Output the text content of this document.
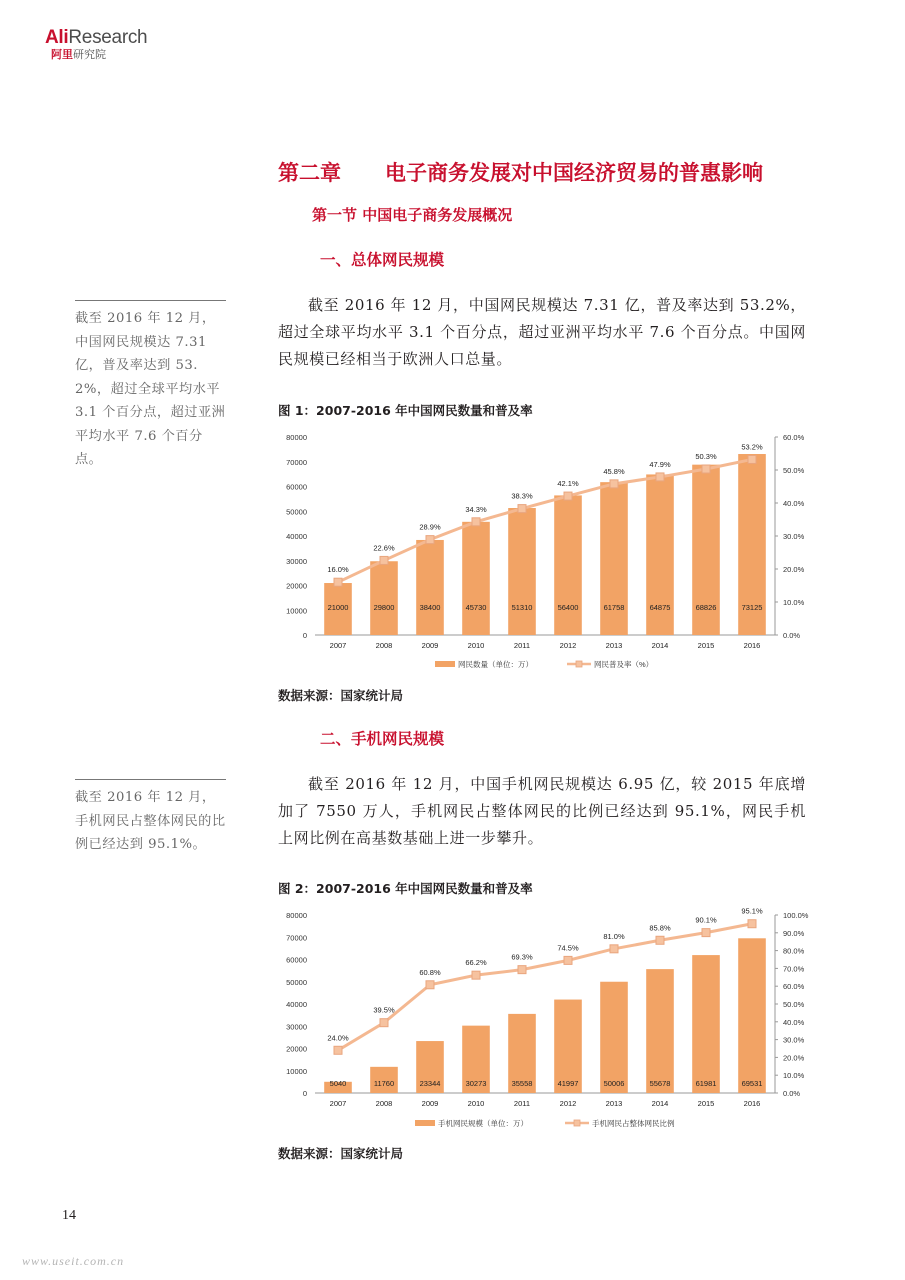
AliResearch
阿里研究院
第二章 电子商务发展对中国经济贸易的普惠影响
第一节 中国电子商务发展概况
一、总体网民规模
截至 2016 年 12 月，中国网民规模达 7.31 亿，普及率达到 53.2%，超过全球平均水平 3.1 个百分点，超过亚洲平均水平 7.6 个百分点。中国网民规模已经相当于欧洲人口总量。
截至 2016 年 12 月，中国网民规模达 7.31 亿，普及率达到 53.2%，超过全球平均水平 3.1 个百分点，超过亚洲平均水平 7.6 个百分点。
图 1：2007-2016 年中国网民数量和普及率
0
10000
20000
30000
40000
50000
60000
70000
80000
0.0%
10.0%
20.0%
30.0%
40.0%
50.0%
60.0%
21000
2007
29800
2008
38400
2009
45730
2010
51310
2011
56400
2012
61758
2013
64875
2014
68826
2015
73125
2016
16.0%
22.6%
28.9%
34.3%
38.3%
42.1%
45.8%
47.9%
50.3%
53.2%
网民数量（单位：万）	网民普及率（%）
数据来源：国家统计局
二、手机网民规模
截至 2016 年 12 月，中国手机网民规模达 6.95 亿，较 2015 年底增加了 7550 万人，手机网民占整体网民的比例已经达到 95.1%，网民手机上网比例在高基数基础上进一步攀升。
截至 2016 年 12 月，手机网民占整体网民的比例已经达到 95.1%。
图 2：2007-2016 年中国网民数量和普及率
0
10000
20000
30000
40000
50000
60000
70000
80000
0.0%
10.0%
20.0%
30.0%
40.0%
50.0%
60.0%
70.0%
80.0%
90.0%
100.0%
5040
2007
11760
2008
23344
2009
30273
2010
35558
2011
41997
2012
50006
2013
55678
2014
61981
2015
69531
2016
24.0%
39.5%
60.8%
66.2%
69.3%
74.5%
81.0%
85.8%
90.1%
95.1%
手机网民规模（单位：万）	手机网民占整体网民比例
数据来源：国家统计局
14
www.useit.com.cn
